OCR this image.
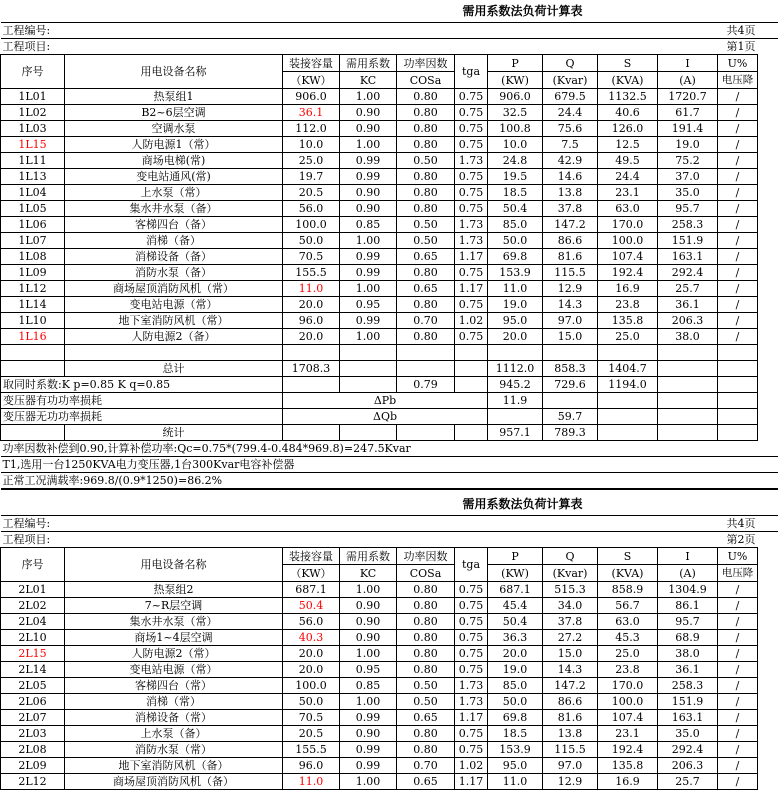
					需用系数法负荷计算表						
工程编号:									共4页		
工程项目:									第1页		
序号	用电设备名称	装接容量	需用系数	功率因数	tga	P	Q	S	I	U%	
		（KW）	KC	COSa		(KW)	(Kvar)	(KVA)	(A)	电压降	
1L01	热泵组1	906.0	1.00	0.80	0.75	906.0	679.5	1132.5	1720.7	/	
1L02	B2~6层空调	36.1	0.90	0.80	0.75	32.5	24.4	40.6	61.7	/	
1L03	空调水泵	112.0	0.90	0.80	0.75	100.8	75.6	126.0	191.4	/	
1L15	人防电源1（常）	10.0	1.00	0.80	0.75	10.0	7.5	12.5	19.0	/	
1L11	商场电梯(常)	25.0	0.99	0.50	1.73	24.8	42.9	49.5	75.2	/	
1L13	变电站通风(常)	19.7	0.99	0.80	0.75	19.5	14.6	24.4	37.0	/	
1L04	上水泵（常）	20.5	0.90	0.80	0.75	18.5	13.8	23.1	35.0	/	
1L05	集水井水泵（备）	56.0	0.90	0.80	0.75	50.4	37.8	63.0	95.7	/	
1L06	客梯四台（备）	100.0	0.85	0.50	1.73	85.0	147.2	170.0	258.3	/	
1L07	消梯（备）	50.0	1.00	0.50	1.73	50.0	86.6	100.0	151.9	/	
1L08	消梯设备（备）	70.5	0.99	0.65	1.17	69.8	81.6	107.4	163.1	/	
1L09	消防水泵（备）	155.5	0.99	0.80	0.75	153.9	115.5	192.4	292.4	/	
1L12	商场屋顶消防风机（常）	11.0	1.00	0.65	1.17	11.0	12.9	16.9	25.7	/	
1L14	变电站电源（常）	20.0	0.95	0.80	0.75	19.0	14.3	23.8	36.1	/	
1L10	地下室消防风机（常）	96.0	0.99	0.70	1.02	95.0	97.0	135.8	206.3	/	
1L16	人防电源2（备）	20.0	1.00	0.80	0.75	20.0	15.0	25.0	38.0	/	

	总计	1708.3				1112.0	858.3	1404.7			
取同时系数:K p=0.85 K q=0.85				0.79		945.2	729.6	1194.0			
变压器有功功率损耗		ΔPb				11.9					
变压器无功功率损耗		ΔQb					59.7				
	统计					957.1	789.3				
功率因数补偿到0.90,计算补偿功率:Qc=0.75*(799.4-0.484*969.8)=247.5Kvar											
T1,选用一台1250KVA电力变压器,1台300Kvar电容补偿器											
正常工况满载率:969.8/(0.9*1250)=86.2%											
					需用系数法负荷计算表						
工程编号:									共4页		
工程项目:									第2页		
序号	用电设备名称	装接容量	需用系数	功率因数	tga	P	Q	S	I	U%	
		（KW）	KC	COSa		(KW)	(Kvar)	(KVA)	(A)	电压降	
2L01	热泵组2	687.1	1.00	0.80	0.75	687.1	515.3	858.9	1304.9	/	
2L02	7~R层空调	50.4	0.90	0.80	0.75	45.4	34.0	56.7	86.1	/	
2L04	集水井水泵（常）	56.0	0.90	0.80	0.75	50.4	37.8	63.0	95.7	/	
2L10	商场1~4层空调	40.3	0.90	0.80	0.75	36.3	27.2	45.3	68.9	/	
2L15	人防电源2（常）	20.0	1.00	0.80	0.75	20.0	15.0	25.0	38.0	/	
2L14	变电站电源（常）	20.0	0.95	0.80	0.75	19.0	14.3	23.8	36.1	/	
2L05	客梯四台（常）	100.0	0.85	0.50	1.73	85.0	147.2	170.0	258.3	/	
2L06	消梯（常）	50.0	1.00	0.50	1.73	50.0	86.6	100.0	151.9	/	
2L07	消梯设备（常）	70.5	0.99	0.65	1.17	69.8	81.6	107.4	163.1	/	
2L03	上水泵（备）	20.5	0.90	0.80	0.75	18.5	13.8	23.1	35.0	/	
2L08	消防水泵（常）	155.5	0.99	0.80	0.75	153.9	115.5	192.4	292.4	/	
2L09	地下室消防风机（备）	96.0	0.99	0.70	1.02	95.0	97.0	135.8	206.3	/	
2L12	商场屋顶消防风机（备）	11.0	1.00	0.65	1.17	11.0	12.9	16.9	25.7	/	
